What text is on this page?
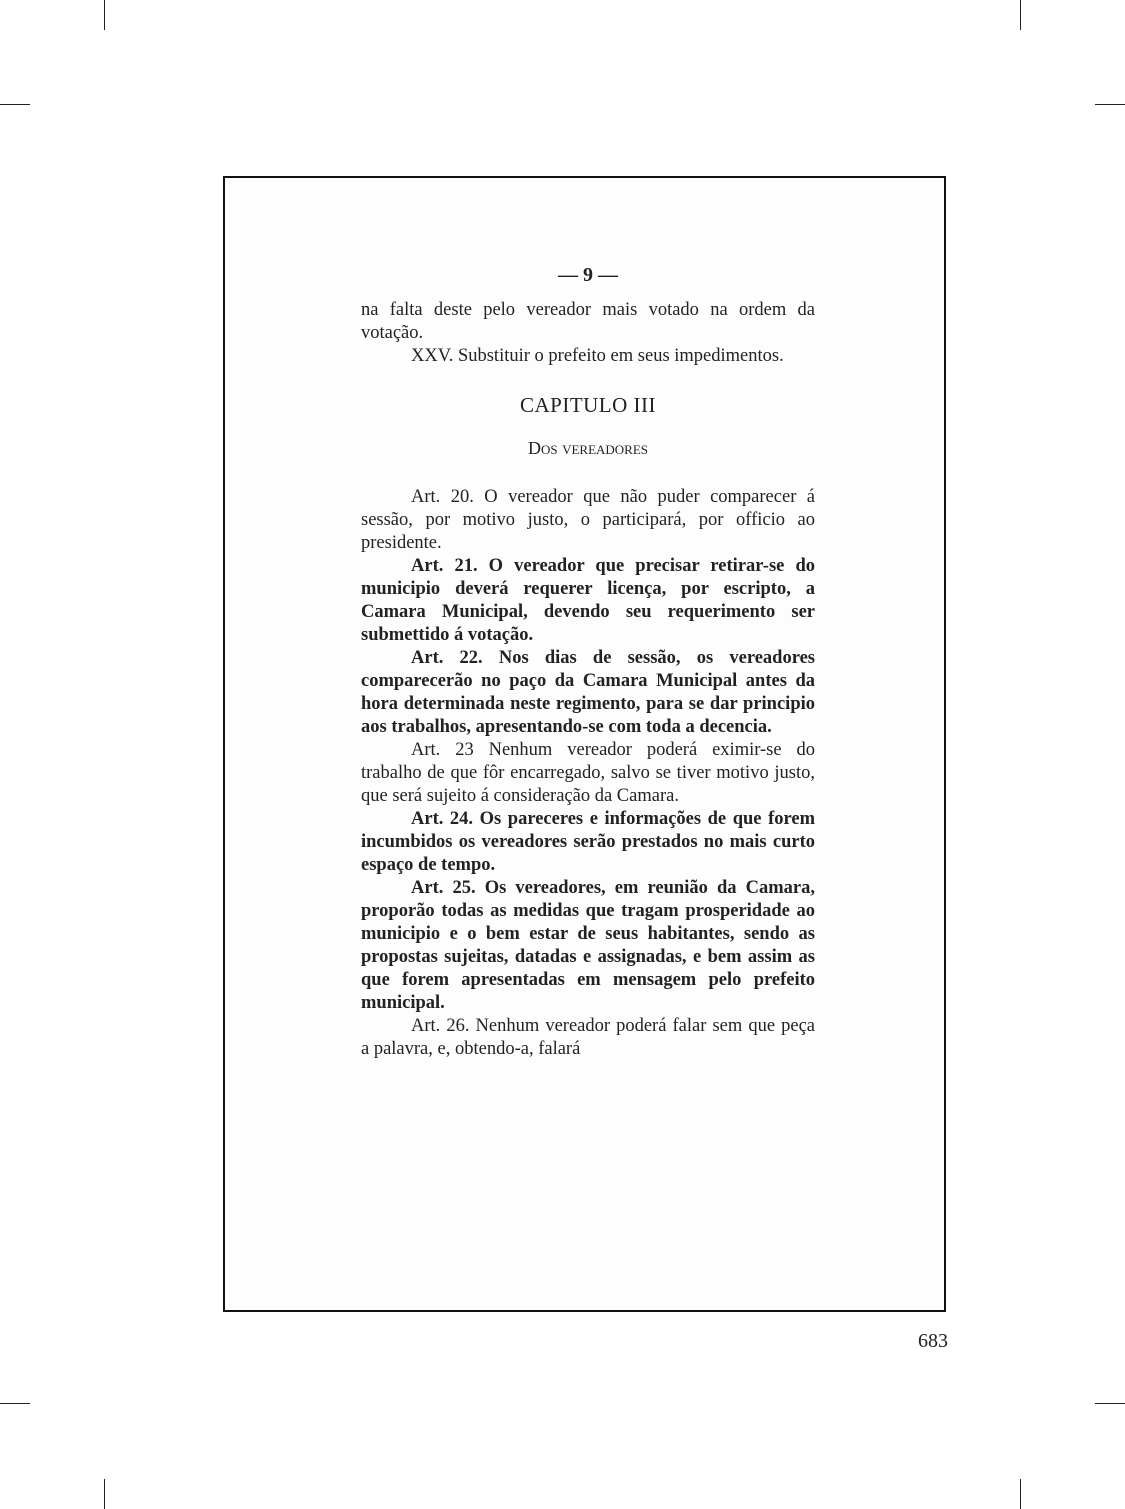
— 9 —

na falta deste pelo vereador mais votado na ordem da votação.

XXV. Substituir o prefeito em seus impedimentos.

CAPITULO III

Dos vereadores

Art. 20. O vereador que não puder comparecer á sessão, por motivo justo, o participará, por officio ao presidente.

Art. 21. O vereador que precisar retirar-se do municipio deverá requerer licença, por escripto, a Camara Municipal, devendo seu requerimento ser submettido á votação.

Art. 22. Nos dias de sessão, os vereadores comparecerão no paço da Camara Municipal antes da hora determinada neste regimento, para se dar principio aos trabalhos, apresentando-se com toda a decencia.

Art. 23 Nenhum vereador poderá eximir-se do trabalho de que fôr encarregado, salvo se tiver motivo justo, que será sujeito á consideração da Camara.

Art. 24. Os pareceres e informações de que forem incumbidos os vereadores serão prestados no mais curto espaço de tempo.

Art. 25. Os vereadores, em reunião da Camara, proporão todas as medidas que tragam prosperidade ao municipio e o bem estar de seus habitantes, sendo as propostas sujeitas, datadas e assignadas, e bem assim as que forem apresentadas em mensagem pelo prefeito municipal.

Art. 26. Nenhum vereador poderá falar sem que peça a palavra, e, obtendo-a, falará

683
